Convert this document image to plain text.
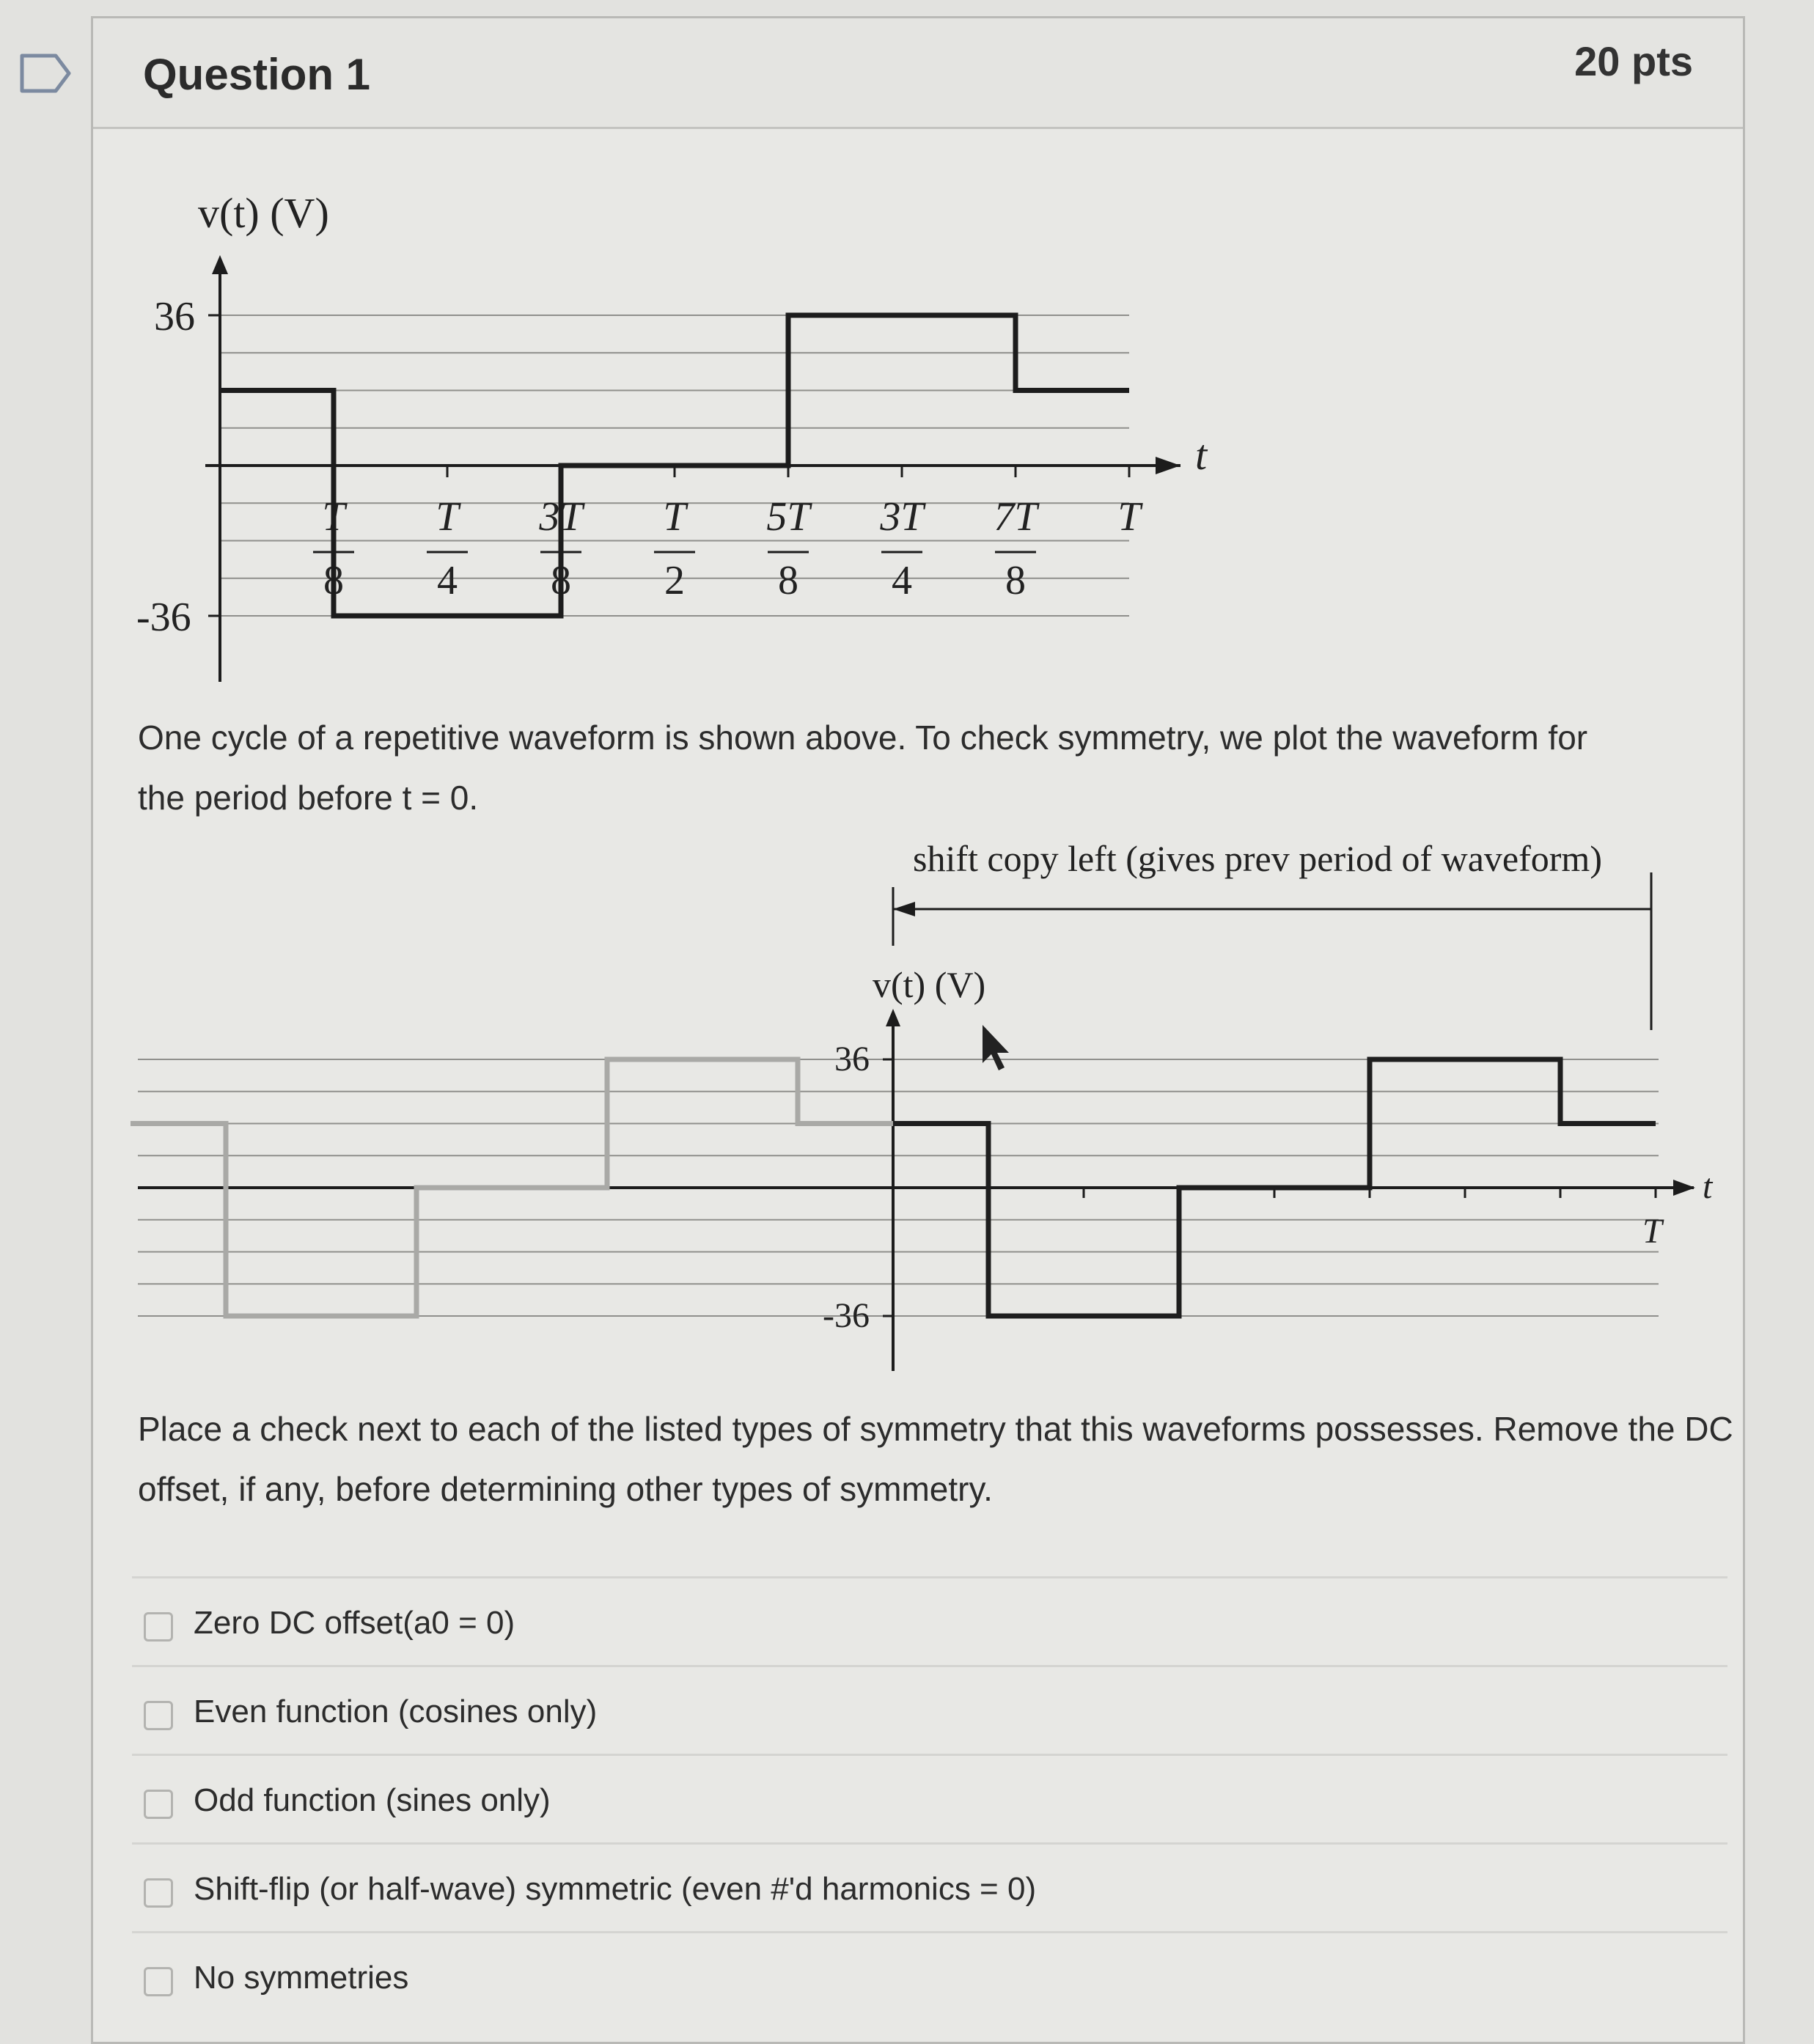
Question 1	20 pts
v(t) (V)
t
36
-36
T
8
T
4
3T
8
T
2
5T
8
3T
4
7T
8
T
One cycle of a repetitive waveform is shown above. To check symmetry, we plot the waveform for the period before t = 0.
shift copy left (gives prev period of waveform)
v(t) (V)
36
-36
t
T
Place a check next to each of the listed types of symmetry that this waveforms possesses. Remove the DC offset, if any, before determining other types of symmetry.
Zero DC offset(a0 = 0)
Even function (cosines only)
Odd function (sines only)
Shift-flip (or half-wave) symmetric (even #'d harmonics = 0)
No symmetries
